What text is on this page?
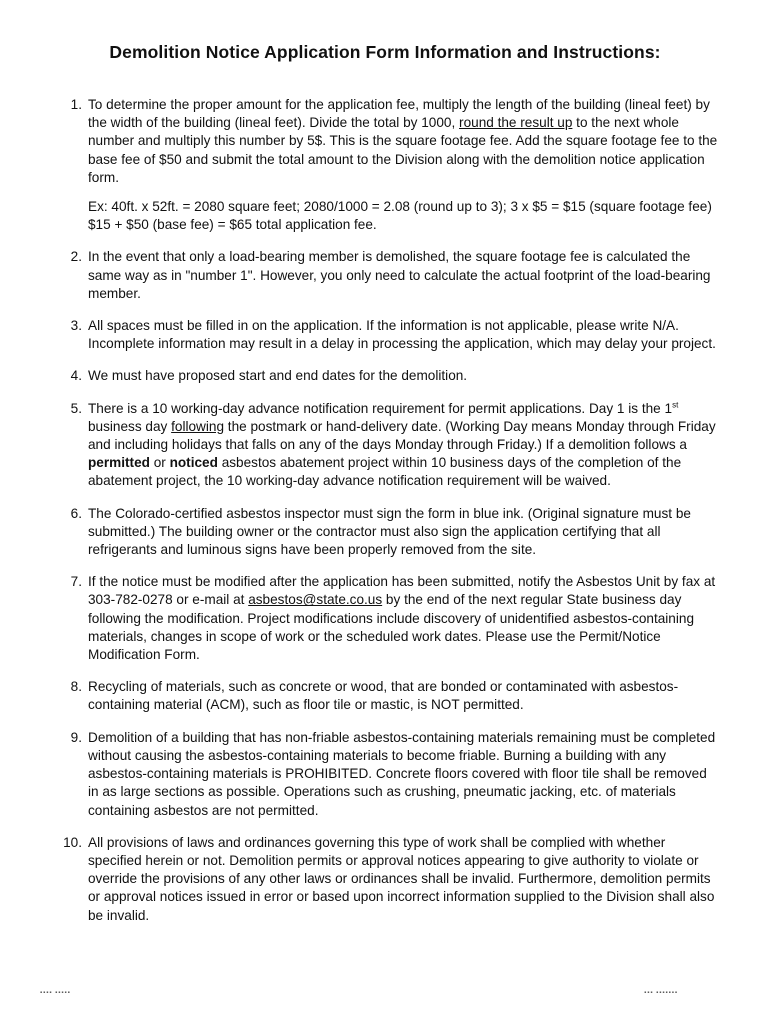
Demolition Notice Application Form Information and Instructions:
1. To determine the proper amount for the application fee, multiply the length of the building (lineal feet) by the width of the building (lineal feet). Divide the total by 1000, round the result up to the next whole number and multiply this number by 5$. This is the square footage fee. Add the square footage fee to the base fee of $50 and submit the total amount to the Division along with the demolition notice application form.
Ex: 40ft. x 52ft. = 2080 square feet; 2080/1000 = 2.08 (round up to 3); 3 x $5 = $15 (square footage fee) $15 + $50 (base fee) = $65 total application fee.
2. In the event that only a load-bearing member is demolished, the square footage fee is calculated the same way as in "number 1". However, you only need to calculate the actual footprint of the load-bearing member.
3. All spaces must be filled in on the application. If the information is not applicable, please write N/A. Incomplete information may result in a delay in processing the application, which may delay your project.
4. We must have proposed start and end dates for the demolition.
5. There is a 10 working-day advance notification requirement for permit applications. Day 1 is the 1st business day following the postmark or hand-delivery date. (Working Day means Monday through Friday and including holidays that falls on any of the days Monday through Friday.) If a demolition follows a permitted or noticed asbestos abatement project within 10 business days of the completion of the abatement project, the 10 working-day advance notification requirement will be waived.
6. The Colorado-certified asbestos inspector must sign the form in blue ink. (Original signature must be submitted.) The building owner or the contractor must also sign the application certifying that all refrigerants and luminous signs have been properly removed from the site.
7. If the notice must be modified after the application has been submitted, notify the Asbestos Unit by fax at 303-782-0278 or e-mail at asbestos@state.co.us by the end of the next regular State business day following the modification. Project modifications include discovery of unidentified asbestos-containing materials, changes in scope of work or the scheduled work dates. Please use the Permit/Notice Modification Form.
8. Recycling of materials, such as concrete or wood, that are bonded or contaminated with asbestos-containing material (ACM), such as floor tile or mastic, is NOT permitted.
9. Demolition of a building that has non-friable asbestos-containing materials remaining must be completed without causing the asbestos-containing materials to become friable. Burning a building with any asbestos-containing materials is PROHIBITED. Concrete floors covered with floor tile shall be removed in as large sections as possible. Operations such as crushing, pneumatic jacking, etc. of materials containing asbestos are not permitted.
10. All provisions of laws and ordinances governing this type of work shall be complied with whether specified herein or not. Demolition permits or approval notices appearing to give authority to violate or override the provisions of any other laws or ordinances shall be invalid. Furthermore, demolition permits or approval notices issued in error or based upon incorrect information supplied to the Division shall also be invalid.
▪▪▪▪ ▪▪▪▪▪	▪▪▪ ▪▪▪▪▪▪▪
